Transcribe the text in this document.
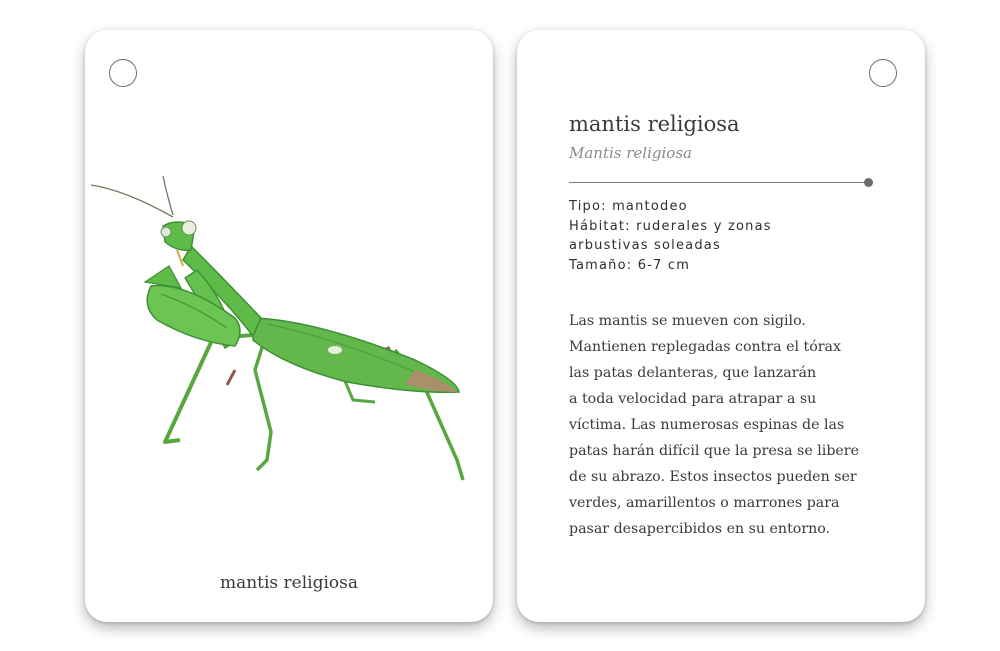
mantis religiosa
mantis religiosa
Mantis religiosa
Tipo: mantodeo
Hábitat: ruderales y zonas
arbustivas soleadas
Tamaño: 6-7 cm
Las mantis se mueven con sigilo.
Mantienen replegadas contra el tórax
las patas delanteras, que lanzarán
a toda velocidad para atrapar a su
víctima. Las numerosas espinas de las
patas harán difícil que la presa se libere
de su abrazo. Estos insectos pueden ser
verdes, amarillentos o marrones para
pasar desapercibidos en su entorno.
